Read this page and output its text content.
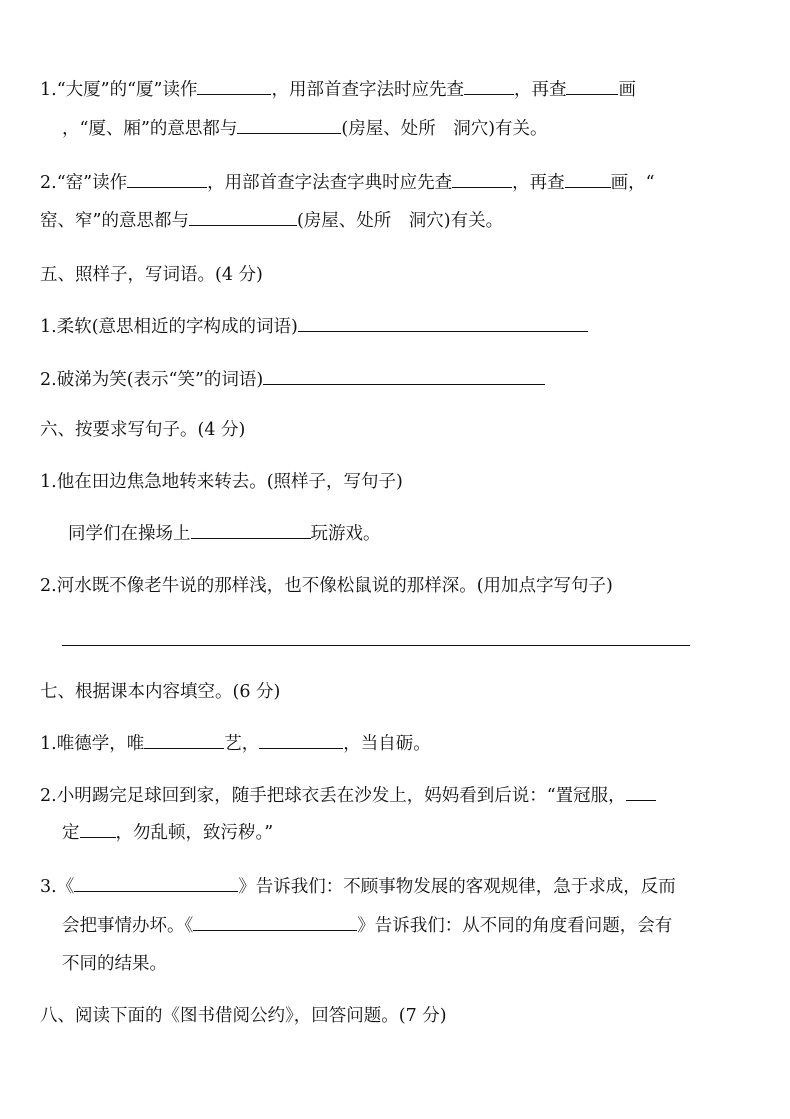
1.“大厦”的“厦”读作	，用部首查字法时应先查	，再查	画
，“厦、厢”的意思都与	(房屋、处所　洞穴)有关。
2.“窑”读作	，用部首查字法查字典时应先查	，再查	画，“
窑、窄”的意思都与	(房屋、处所　洞穴)有关。
五、照样子，写词语。(4 分)
1.柔软(意思相近的字构成的词语)
2.破涕为笑(表示“笑”的词语)
六、按要求写句子。(4 分)
1.他在田边焦急地转来转去。(照样子，写句子)
同学们在操场上	玩游戏。
2.河水既不像老牛说的那样浅，也不像松鼠说的那样深。(用加点字写句子)
七、根据课本内容填空。(6 分)
1.唯德学，唯	艺，	，当自砺。
2.小明踢完足球回到家，随手把球衣丢在沙发上，妈妈看到后说：“置冠服，
定 ，勿乱顿，致污秽。”
3.《	》告诉我们：不顾事物发展的客观规律，急于求成，反而
会把事情办坏。《	》告诉我们：从不同的角度看问题，会有
不同的结果。
八、阅读下面的《图书借阅公约》，回答问题。(7 分)
